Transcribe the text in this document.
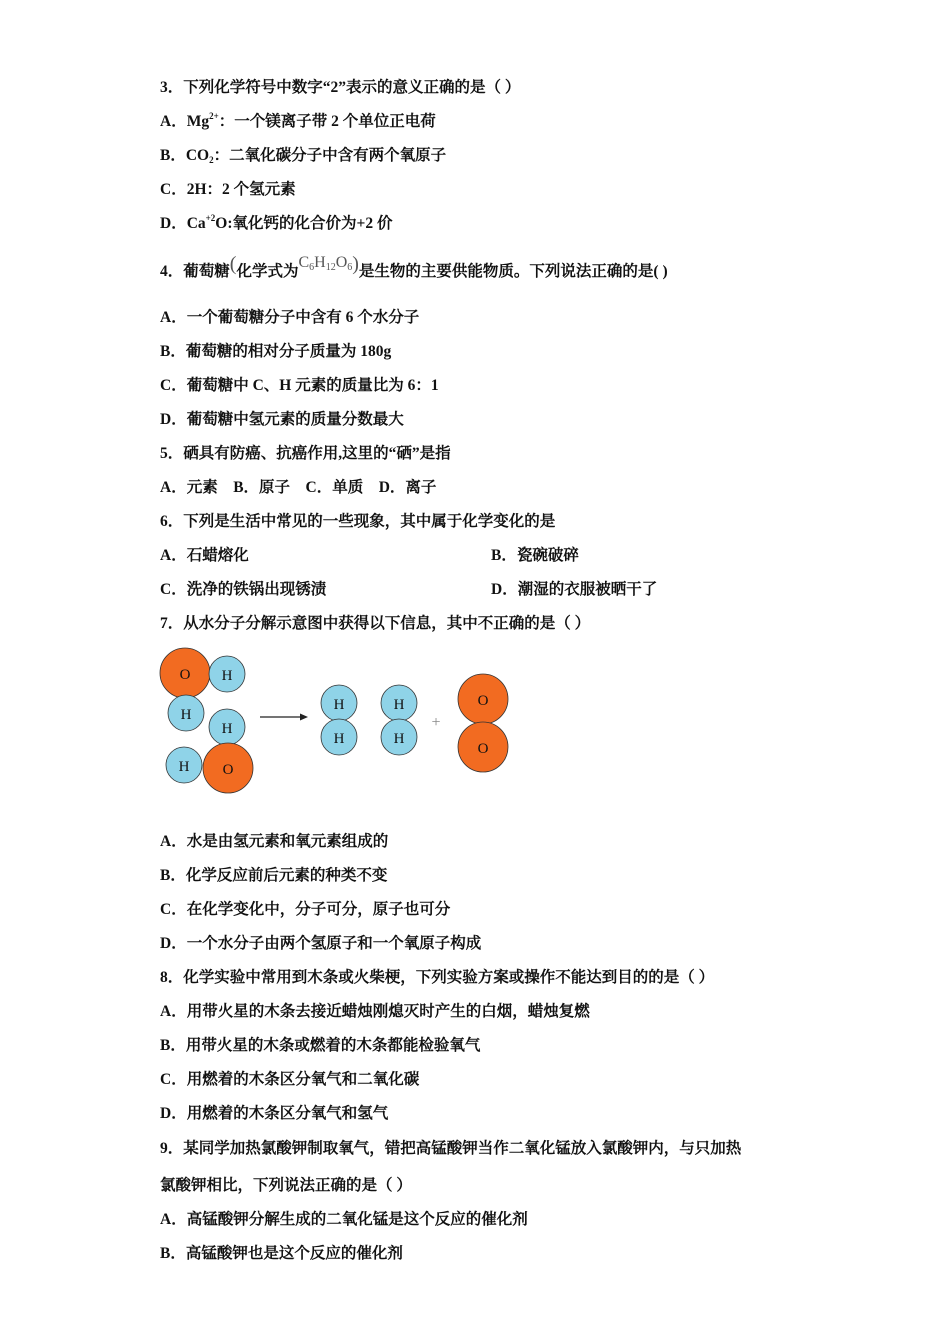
3．下列化学符号中数字“2”表示的意义正确的是（ ）
A．$Mg^{2+}$：一个镁离子带 2 个单位正电荷
B．$CO_2$：二氧化碳分子中含有两个氧原子
C．2H：2 个氢元素
D．$Ca^{+2}O$:氧化钙的化合价为+2 价
4．葡萄糖(化学式为$C_6H_{12}O_6$)是生物的主要供能物质。下列说法正确的是( )
A．一个葡萄糖分子中含有 6 个水分子
B．葡萄糖的相对分子质量为 180g
C．葡萄糖中 C、H 元素的质量比为 6：1
D．葡萄糖中氢元素的质量分数最大
5．硒具有防癌、抗癌作用,这里的“硒”是指
A．元素    B．原子    C．单质    D．离子
6．下列是生活中常见的一些现象，其中属于化学变化的是
A．石蜡熔化	B．瓷碗破碎
C．洗净的铁锅出现锈渍	D．潮湿的衣服被晒干了
7．从水分子分解示意图中获得以下信息，其中不正确的是（ ）
O H
H
H
H O
H
H
H
H
+
O
O
A．水是由氢元素和氧元素组成的
B．化学反应前后元素的种类不变
C．在化学变化中，分子可分，原子也可分
D．一个水分子由两个氢原子和一个氧原子构成
8．化学实验中常用到木条或火柴梗，下列实验方案或操作不能达到目的的是（ ）
A．用带火星的木条去接近蜡烛刚熄灭时产生的白烟，蜡烛复燃
B．用带火星的木条或燃着的木条都能检验氧气
C．用燃着的木条区分氧气和二氧化碳
D．用燃着的木条区分氧气和氢气
9．某同学加热氯酸钾制取氧气，错把高锰酸钾当作二氧化锰放入氯酸钾内，与只加热
氯酸钾相比，下列说法正确的是（ ）
A．高锰酸钾分解生成的二氧化锰是这个反应的催化剂
B．高锰酸钾也是这个反应的催化剂
